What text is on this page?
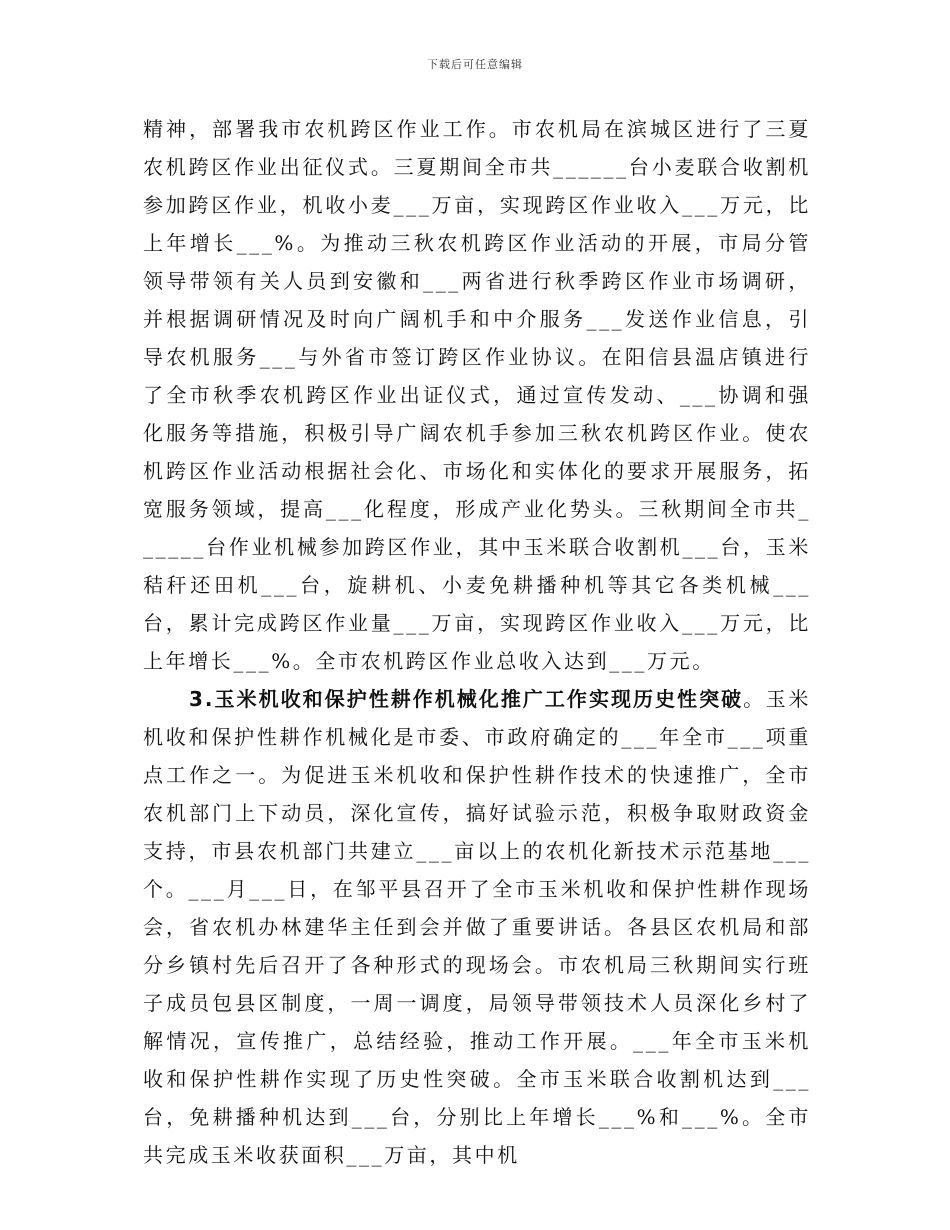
下载后可任意编辑

精神，部署我市农机跨区作业工作。市农机局在滨城区进行了三夏农机跨区作业出征仪式。三夏期间全市共______台小麦联合收割机参加跨区作业，机收小麦___万亩，实现跨区作业收入___万元，比上年增长___%。为推动三秋农机跨区作业活动的开展，市局分管领导带领有关人员到安徽和___两省进行秋季跨区作业市场调研，并根据调研情况及时向广阔机手和中介服务___发送作业信息，引导农机服务___与外省市签订跨区作业协议。在阳信县温店镇进行了全市秋季农机跨区作业出证仪式，通过宣传发动、___协调和强化服务等措施，积极引导广阔农机手参加三秋农机跨区作业。使农机跨区作业活动根据社会化、市场化和实体化的要求开展服务，拓宽服务领域，提高___化程度，形成产业化势头。三秋期间全市共______台作业机械参加跨区作业，其中玉米联合收割机___台，玉米秸秆还田机___台，旋耕机、小麦免耕播种机等其它各类机械___台，累计完成跨区作业量___万亩，实现跨区作业收入___万元，比上年增长___%。全市农机跨区作业总收入达到___万元。

3.玉米机收和保护性耕作机械化推广工作实现历史性突破。玉米机收和保护性耕作机械化是市委、市政府确定的___年全市___项重点工作之一。为促进玉米机收和保护性耕作技术的快速推广，全市农机部门上下动员，深化宣传，搞好试验示范，积极争取财政资金支持，市县农机部门共建立___亩以上的农机化新技术示范基地___个。___月___日，在邹平县召开了全市玉米机收和保护性耕作现场会，省农机办林建华主任到会并做了重要讲话。各县区农机局和部分乡镇村先后召开了各种形式的现场会。市农机局三秋期间实行班子成员包县区制度，一周一调度，局领导带领技术人员深化乡村了解情况，宣传推广，总结经验，推动工作开展。___年全市玉米机收和保护性耕作实现了历史性突破。全市玉米联合收割机达到___台，免耕播种机达到___台，分别比上年增长___%和___%。全市共完成玉米收获面积___万亩，其中机
